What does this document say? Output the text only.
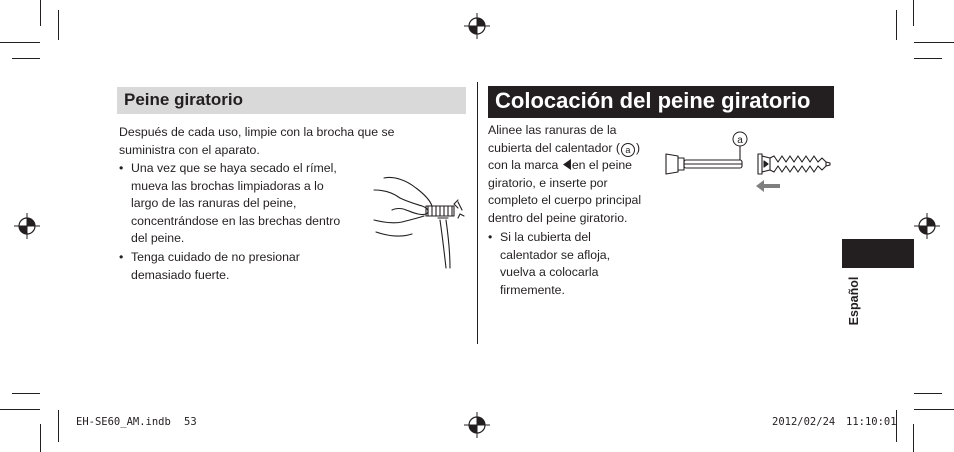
Peine giratorio
Después de cada uso, limpie con la brocha que se
suministra con el aparato.
• Una vez que se haya secado el rímel,
mueva las brochas limpiadoras a lo
largo de las ranuras del peine,
concentrándose en las brechas dentro
del peine.
• Tenga cuidado de no presionar
demasiado fuerte.
Colocación del peine giratorio
Alinee las ranuras de la
cubierta del calentador ( a )
con la marca en el peine
giratorio, e inserte por
completo el cuerpo principal
dentro del peine giratorio.
• Si la cubierta del
calentador se afloja,
vuelva a colocarla
firmemente.
a
Español
EH-SE60_AM.indb 53	2012/02/24 11:10:01
